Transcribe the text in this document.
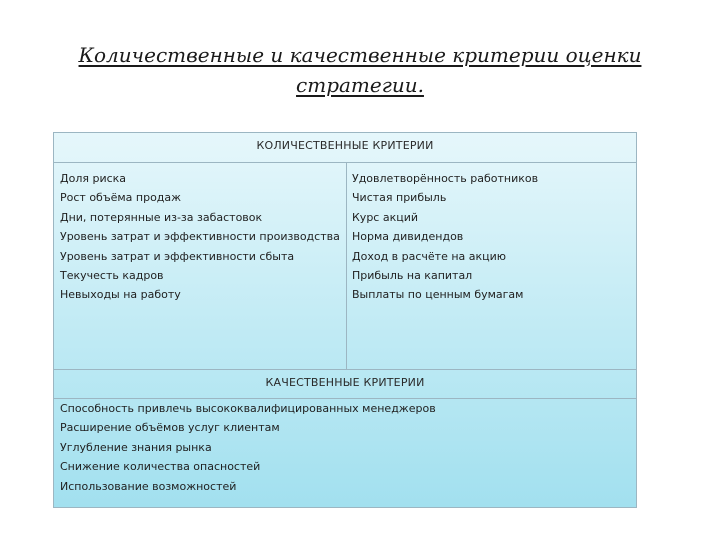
Количественные и качественные критерии оценки стратегии.
КОЛИЧЕСТВЕННЫЕ КРИТЕРИИ
Доля риска
Рост объёма продаж
Дни, потерянные из-за забастовок
Уровень затрат и эффективности производства
Уровень затрат и эффективности сбыта
Текучесть кадров
Невыходы на работу
Удовлетворённость работников
Чистая прибыль
Курс акций
Норма дивидендов
Доход в расчёте на акцию
Прибыль на капитал
Выплаты по ценным бумагам
КАЧЕСТВЕННЫЕ КРИТЕРИИ
Способность привлечь высококвалифицированных менеджеров
Расширение объёмов услуг клиентам
Углубление знания рынка
Снижение количества опасностей
Использование возможностей
